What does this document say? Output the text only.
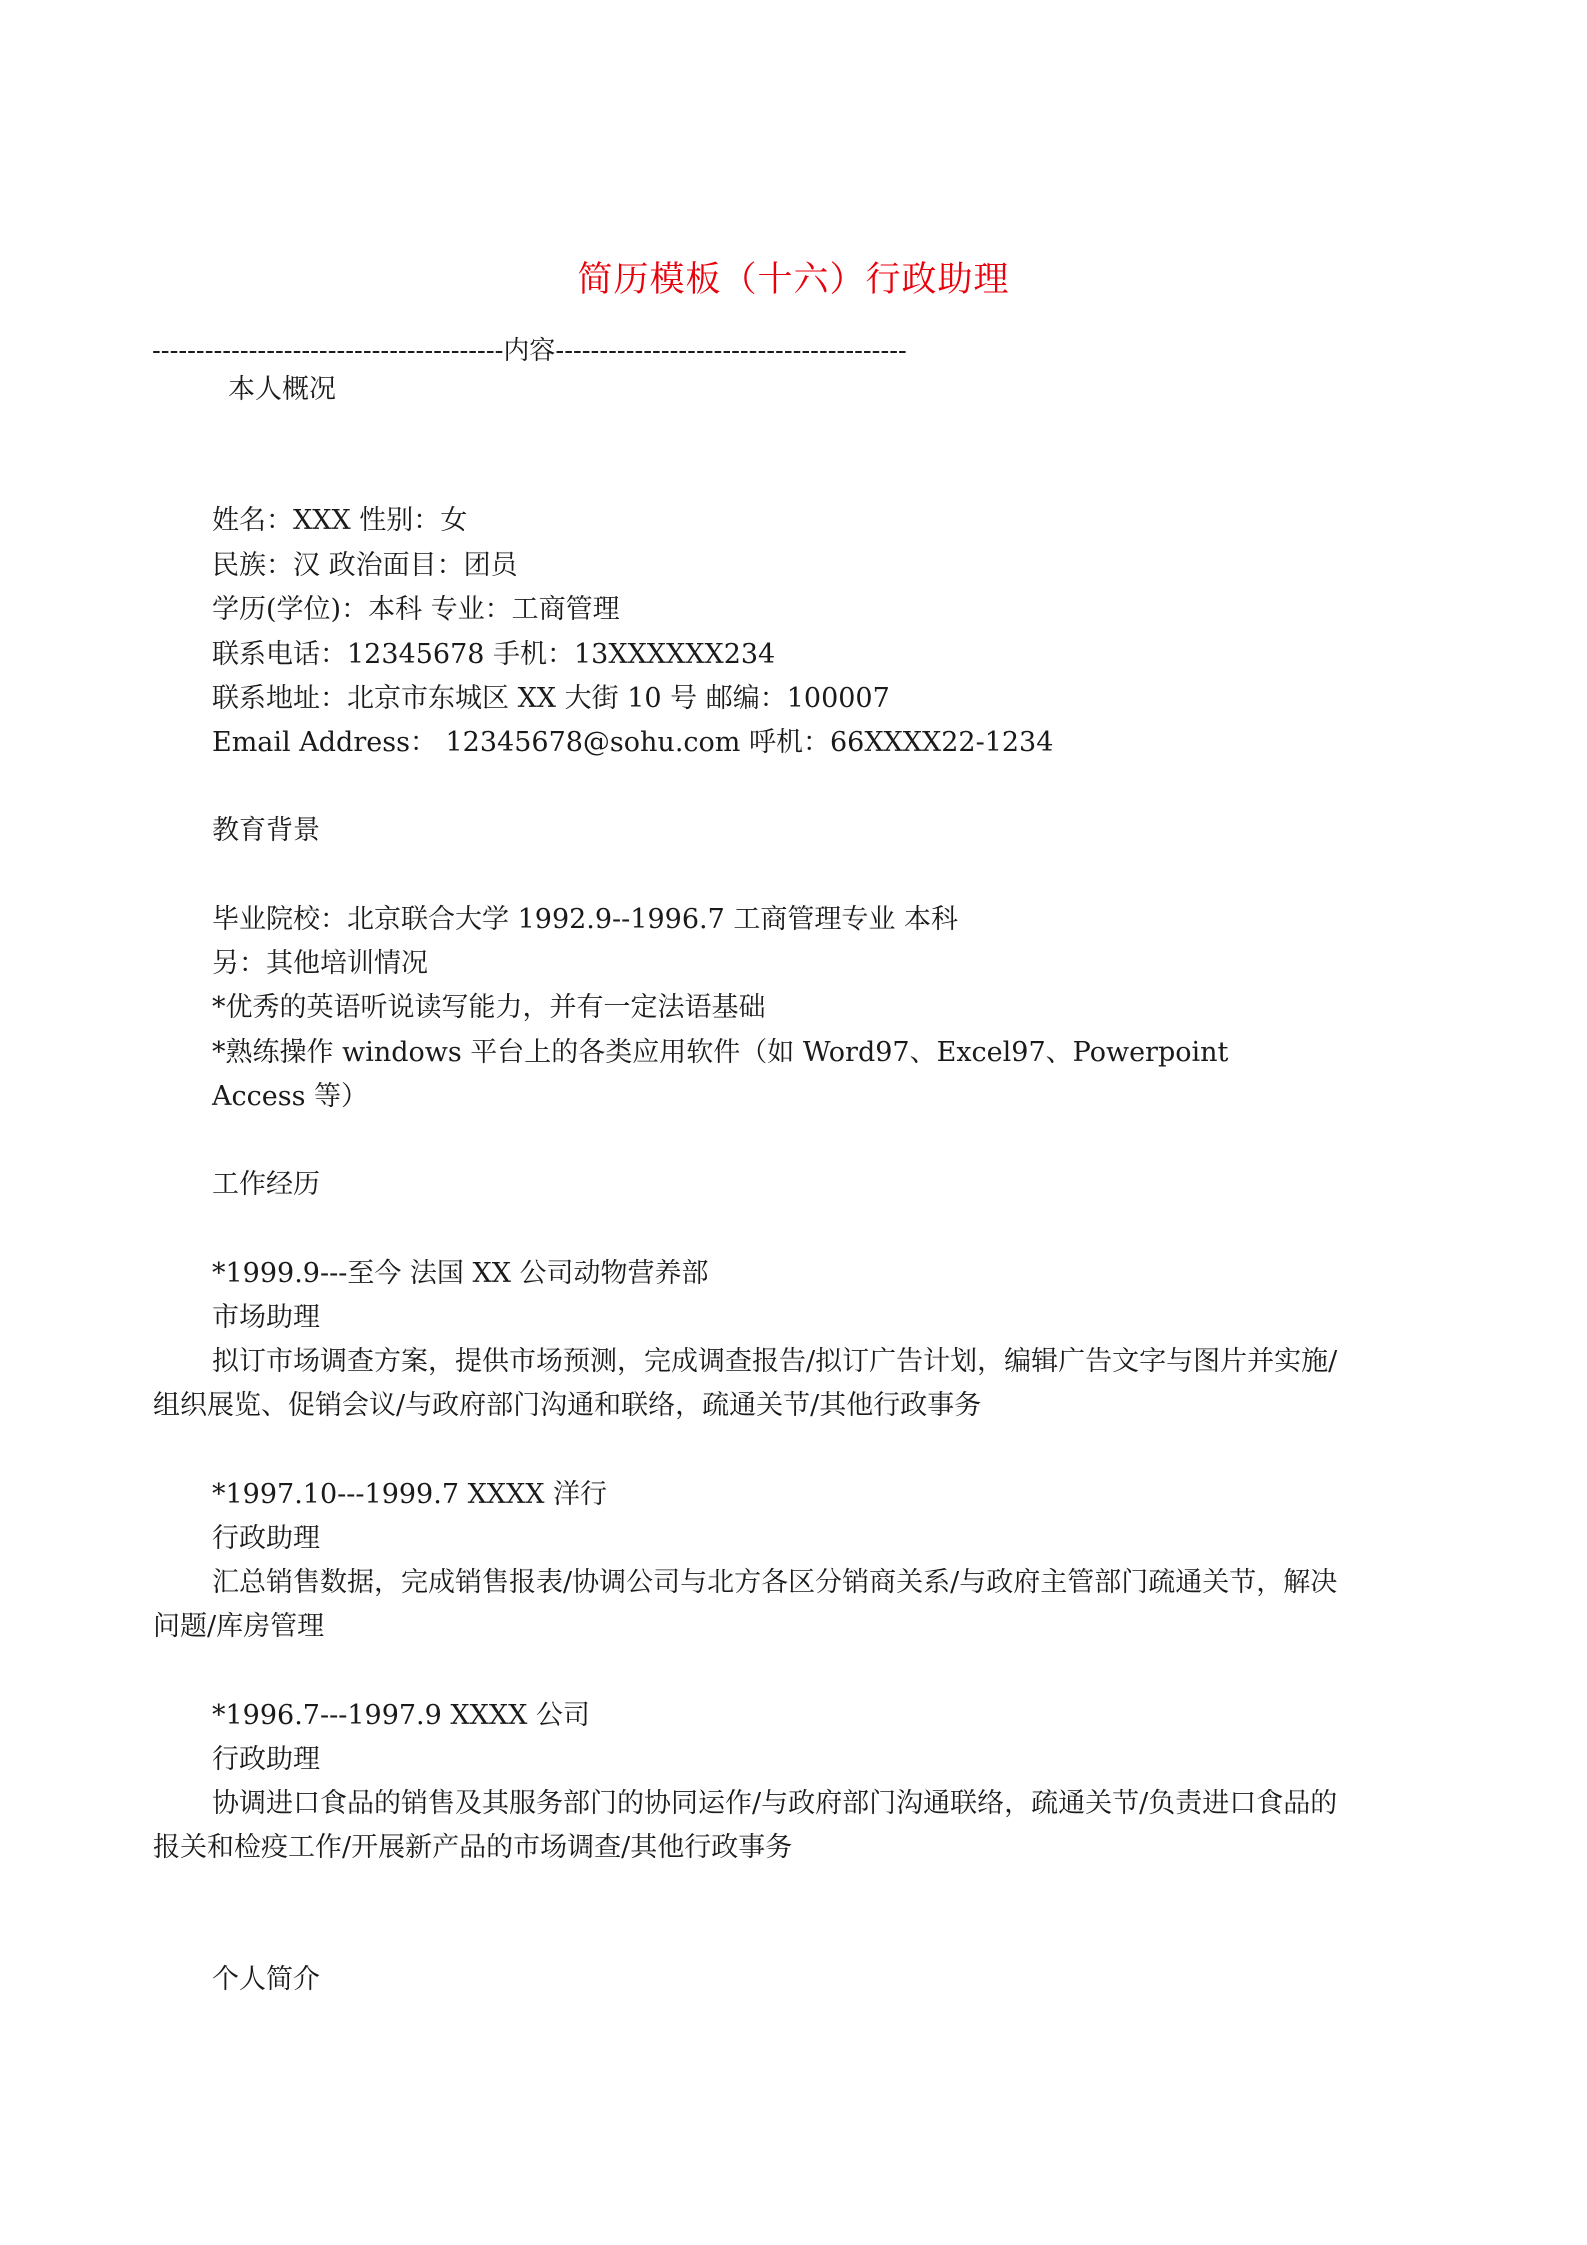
简历模板（十六）行政助理
----------------------------------------内容----------------------------------------
本人概况
姓名：XXX 性别：女
民族：汉 政治面目：团员
学历(学位)：本科 专业：工商管理
联系电话：12345678 手机：13XXXXXX234
联系地址：北京市东城区 XX 大街 10 号 邮编：100007
Email Address： 12345678@sohu.com 呼机：66XXXX22-1234
教育背景
毕业院校：北京联合大学 1992.9--1996.7 工商管理专业 本科
另：其他培训情况
*优秀的英语听说读写能力，并有一定法语基础
*熟练操作 windows 平台上的各类应用软件（如 Word97、Excel97、Powerpoint
Access 等）
工作经历
*1999.9---至今 法国 XX 公司动物营养部
市场助理
拟订市场调查方案，提供市场预测，完成调查报告/拟订广告计划，编辑广告文字与图片并实施/
组织展览、促销会议/与政府部门沟通和联络，疏通关节/其他行政事务
*1997.10---1999.7 XXXX 洋行
行政助理
汇总销售数据，完成销售报表/协调公司与北方各区分销商关系/与政府主管部门疏通关节，解决
问题/库房管理
*1996.7---1997.9 XXXX 公司
行政助理
协调进口食品的销售及其服务部门的协同运作/与政府部门沟通联络，疏通关节/负责进口食品的
报关和检疫工作/开展新产品的市场调查/其他行政事务
个人简介
